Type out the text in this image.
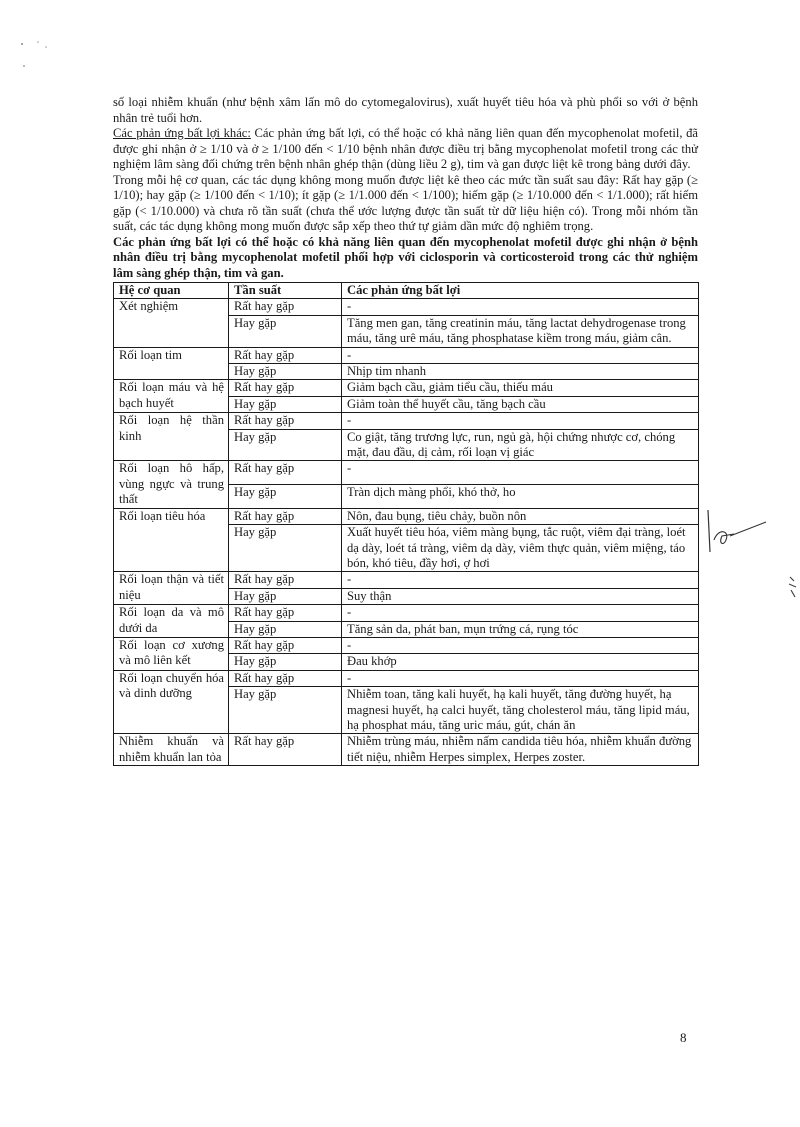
số loại nhiễm khuẩn (như bệnh xâm lấn mô do cytomegalovirus), xuất huyết tiêu hóa và phù phổi so với ở bệnh nhân trẻ tuổi hơn.

Các phản ứng bất lợi khác: Các phản ứng bất lợi, có thể hoặc có khả năng liên quan đến mycophenolat mofetil, đã được ghi nhận ở ≥ 1/10 và ở ≥ 1/100 đến < 1/10 bệnh nhân được điều trị bằng mycophenolat mofetil trong các thử nghiệm lâm sàng đối chứng trên bệnh nhân ghép thận (dùng liều 2 g), tim và gan được liệt kê trong bảng dưới đây.

Trong mỗi hệ cơ quan, các tác dụng không mong muốn được liệt kê theo các mức tần suất sau đây: Rất hay gặp (≥ 1/10); hay gặp (≥ 1/100 đến < 1/10); ít gặp (≥ 1/1.000 đến < 1/100); hiếm gặp (≥ 1/10.000 đến < 1/1.000); rất hiếm gặp (< 1/10.000) và chưa rõ tần suất (chưa thể ước lượng được tần suất từ dữ liệu hiện có). Trong mỗi nhóm tần suất, các tác dụng không mong muốn được sắp xếp theo thứ tự giảm dần mức độ nghiêm trọng.

Các phản ứng bất lợi có thể hoặc có khả năng liên quan đến mycophenolat mofetil được ghi nhận ở bệnh nhân điều trị bằng mycophenolat mofetil phối hợp với ciclosporin và corticosteroid trong các thử nghiệm lâm sàng ghép thận, tim và gan.

Hệ cơ quan	Tần suất	Các phản ứng bất lợi
Xét nghiệm	Rất hay gặp	-
	Hay gặp	Tăng men gan, tăng creatinin máu, tăng lactat dehydrogenase trong máu, tăng urê máu, tăng phosphatase kiềm trong máu, giảm cân.
Rối loạn tim	Rất hay gặp	-
	Hay gặp	Nhịp tim nhanh
Rối loạn máu và hệ bạch huyết	Rất hay gặp	Giảm bạch cầu, giảm tiểu cầu, thiếu máu
	Hay gặp	Giảm toàn thể huyết cầu, tăng bạch cầu
Rối loạn hệ thần kinh	Rất hay gặp	-
	Hay gặp	Co giật, tăng trương lực, run, ngủ gà, hội chứng nhược cơ, chóng mặt, đau đầu, dị cảm, rối loạn vị giác
Rối loạn hô hấp, vùng ngực và trung thất	Rất hay gặp	-
	Hay gặp	Tràn dịch màng phổi, khó thở, ho
Rối loạn tiêu hóa	Rất hay gặp	Nôn, đau bụng, tiêu chảy, buồn nôn
	Hay gặp	Xuất huyết tiêu hóa, viêm màng bụng, tắc ruột, viêm đại tràng, loét dạ dày, loét tá tràng, viêm dạ dày, viêm thực quản, viêm miệng, táo bón, khó tiêu, đầy hơi, ợ hơi
Rối loạn thận và tiết niệu	Rất hay gặp	-
	Hay gặp	Suy thận
Rối loạn da và mô dưới da	Rất hay gặp	-
	Hay gặp	Tăng sản da, phát ban, mụn trứng cá, rụng tóc
Rối loạn cơ xương và mô liên kết	Rất hay gặp	-
	Hay gặp	Đau khớp
Rối loạn chuyển hóa và dinh dưỡng	Rất hay gặp	-
	Hay gặp	Nhiễm toan, tăng kali huyết, hạ kali huyết, tăng đường huyết, hạ magnesi huyết, hạ calci huyết, tăng cholesterol máu, tăng lipid máu, hạ phosphat máu, tăng uric máu, gút, chán ăn
Nhiễm khuẩn và nhiễm khuẩn lan tỏa	Rất hay gặp	Nhiễm trùng máu, nhiễm nấm candida tiêu hóa, nhiễm khuẩn đường tiết niệu, nhiễm Herpes simplex, Herpes zoster.
8
